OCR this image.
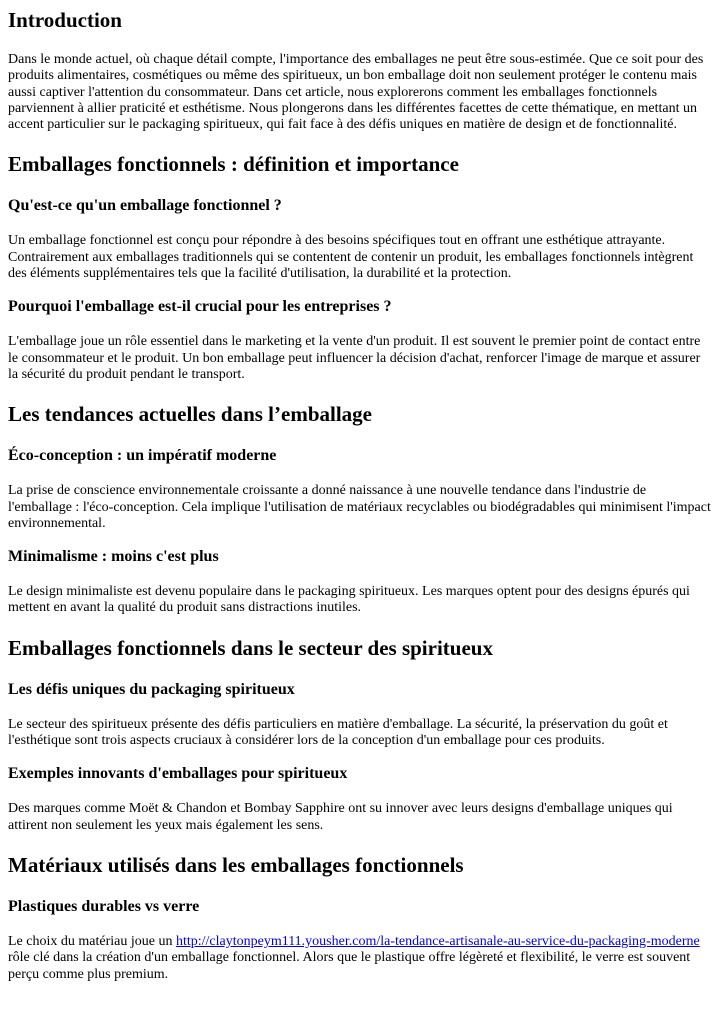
Introduction

Dans le monde actuel, où chaque détail compte, l'importance des emballages ne peut être sous-estimée. Que ce soit pour des produits alimentaires, cosmétiques ou même des spiritueux, un bon emballage doit non seulement protéger le contenu mais aussi captiver l'attention du consommateur. Dans cet article, nous explorerons comment les emballages fonctionnels parviennent à allier praticité et esthétisme. Nous plongerons dans les différentes facettes de cette thématique, en mettant un accent particulier sur le packaging spiritueux, qui fait face à des défis uniques en matière de design et de fonctionnalité.

Emballages fonctionnels : définition et importance
Qu'est-ce qu'un emballage fonctionnel ?

Un emballage fonctionnel est conçu pour répondre à des besoins spécifiques tout en offrant une esthétique attrayante. Contrairement aux emballages traditionnels qui se contentent de contenir un produit, les emballages fonctionnels intègrent des éléments supplémentaires tels que la facilité d'utilisation, la durabilité et la protection.

Pourquoi l'emballage est-il crucial pour les entreprises ?

L'emballage joue un rôle essentiel dans le marketing et la vente d'un produit. Il est souvent le premier point de contact entre le consommateur et le produit. Un bon emballage peut influencer la décision d'achat, renforcer l'image de marque et assurer la sécurité du produit pendant le transport.

Les tendances actuelles dans l’emballage
Éco-conception : un impératif moderne

La prise de conscience environnementale croissante a donné naissance à une nouvelle tendance dans l'industrie de l'emballage : l'éco-conception. Cela implique l'utilisation de matériaux recyclables ou biodégradables qui minimisent l'impact environnemental.

Minimalisme : moins c'est plus

Le design minimaliste est devenu populaire dans le packaging spiritueux. Les marques optent pour des designs épurés qui mettent en avant la qualité du produit sans distractions inutiles.

Emballages fonctionnels dans le secteur des spiritueux
Les défis uniques du packaging spiritueux

Le secteur des spiritueux présente des défis particuliers en matière d'emballage. La sécurité, la préservation du goût et l'esthétique sont trois aspects cruciaux à considérer lors de la conception d'un emballage pour ces produits.

Exemples innovants d'emballages pour spiritueux

Des marques comme Moët & Chandon et Bombay Sapphire ont su innover avec leurs designs d'emballage uniques qui attirent non seulement les yeux mais également les sens.

Matériaux utilisés dans les emballages fonctionnels
Plastiques durables vs verre

Le choix du matériau joue un http://claytonpeym111.yousher.com/la-tendance-artisanale-au-service-du-packaging-moderne rôle clé dans la création d'un emballage fonctionnel. Alors que le plastique offre légèreté et flexibilité, le verre est souvent perçu comme plus premium.
